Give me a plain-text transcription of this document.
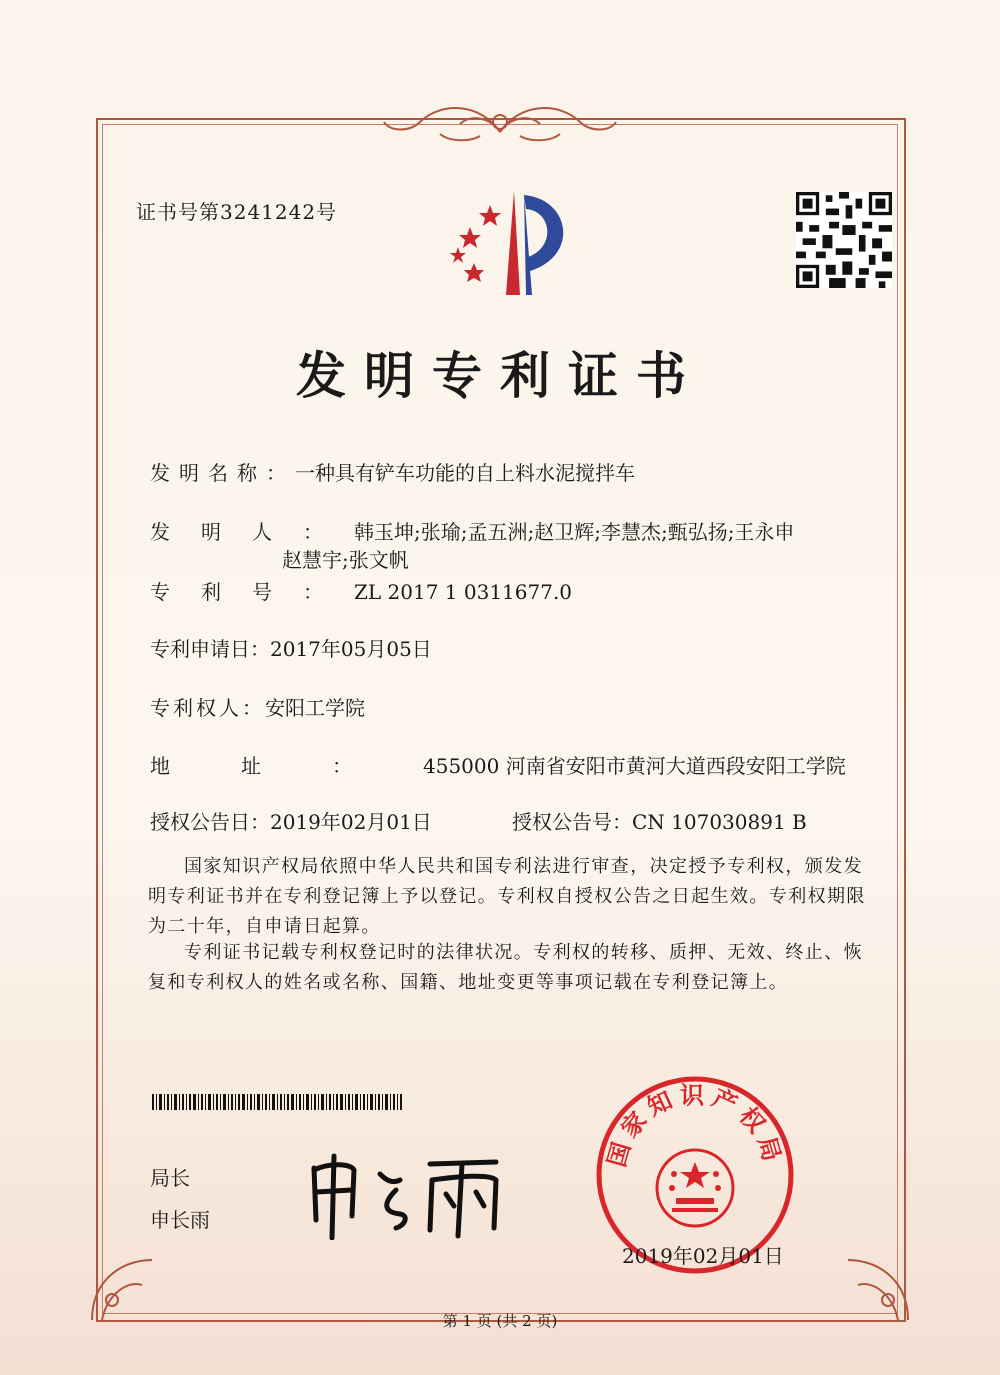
证书号第3241242号
发明专利证书
发明名称：一种具有铲车功能的自上料水泥搅拌车
发明人：韩玉坤;张瑜;孟五洲;赵卫辉;李慧杰;甄弘扬;王永申
赵慧宇;张文帆
专利号：ZL 2017 1 0311677.0
专利申请日：2017年05月05日
专利权人：安阳工学院
地址：455000 河南省安阳市黄河大道西段安阳工学院
授权公告日：2019年02月01日	授权公告号：CN 107030891 B
国家知识产权局依照中华人民共和国专利法进行审查，决定授予专利权，颁发发明专利证书并在专利登记簿上予以登记。专利权自授权公告之日起生效。专利权期限为二十年，自申请日起算。
专利证书记载专利权登记时的法律状况。专利权的转移、质押、无效、终止、恢复和专利权人的姓名或名称、国籍、地址变更等事项记载在专利登记簿上。
局长
申长雨
国家知识产权局
2019年02月01日
第 1 页 (共 2 页)
